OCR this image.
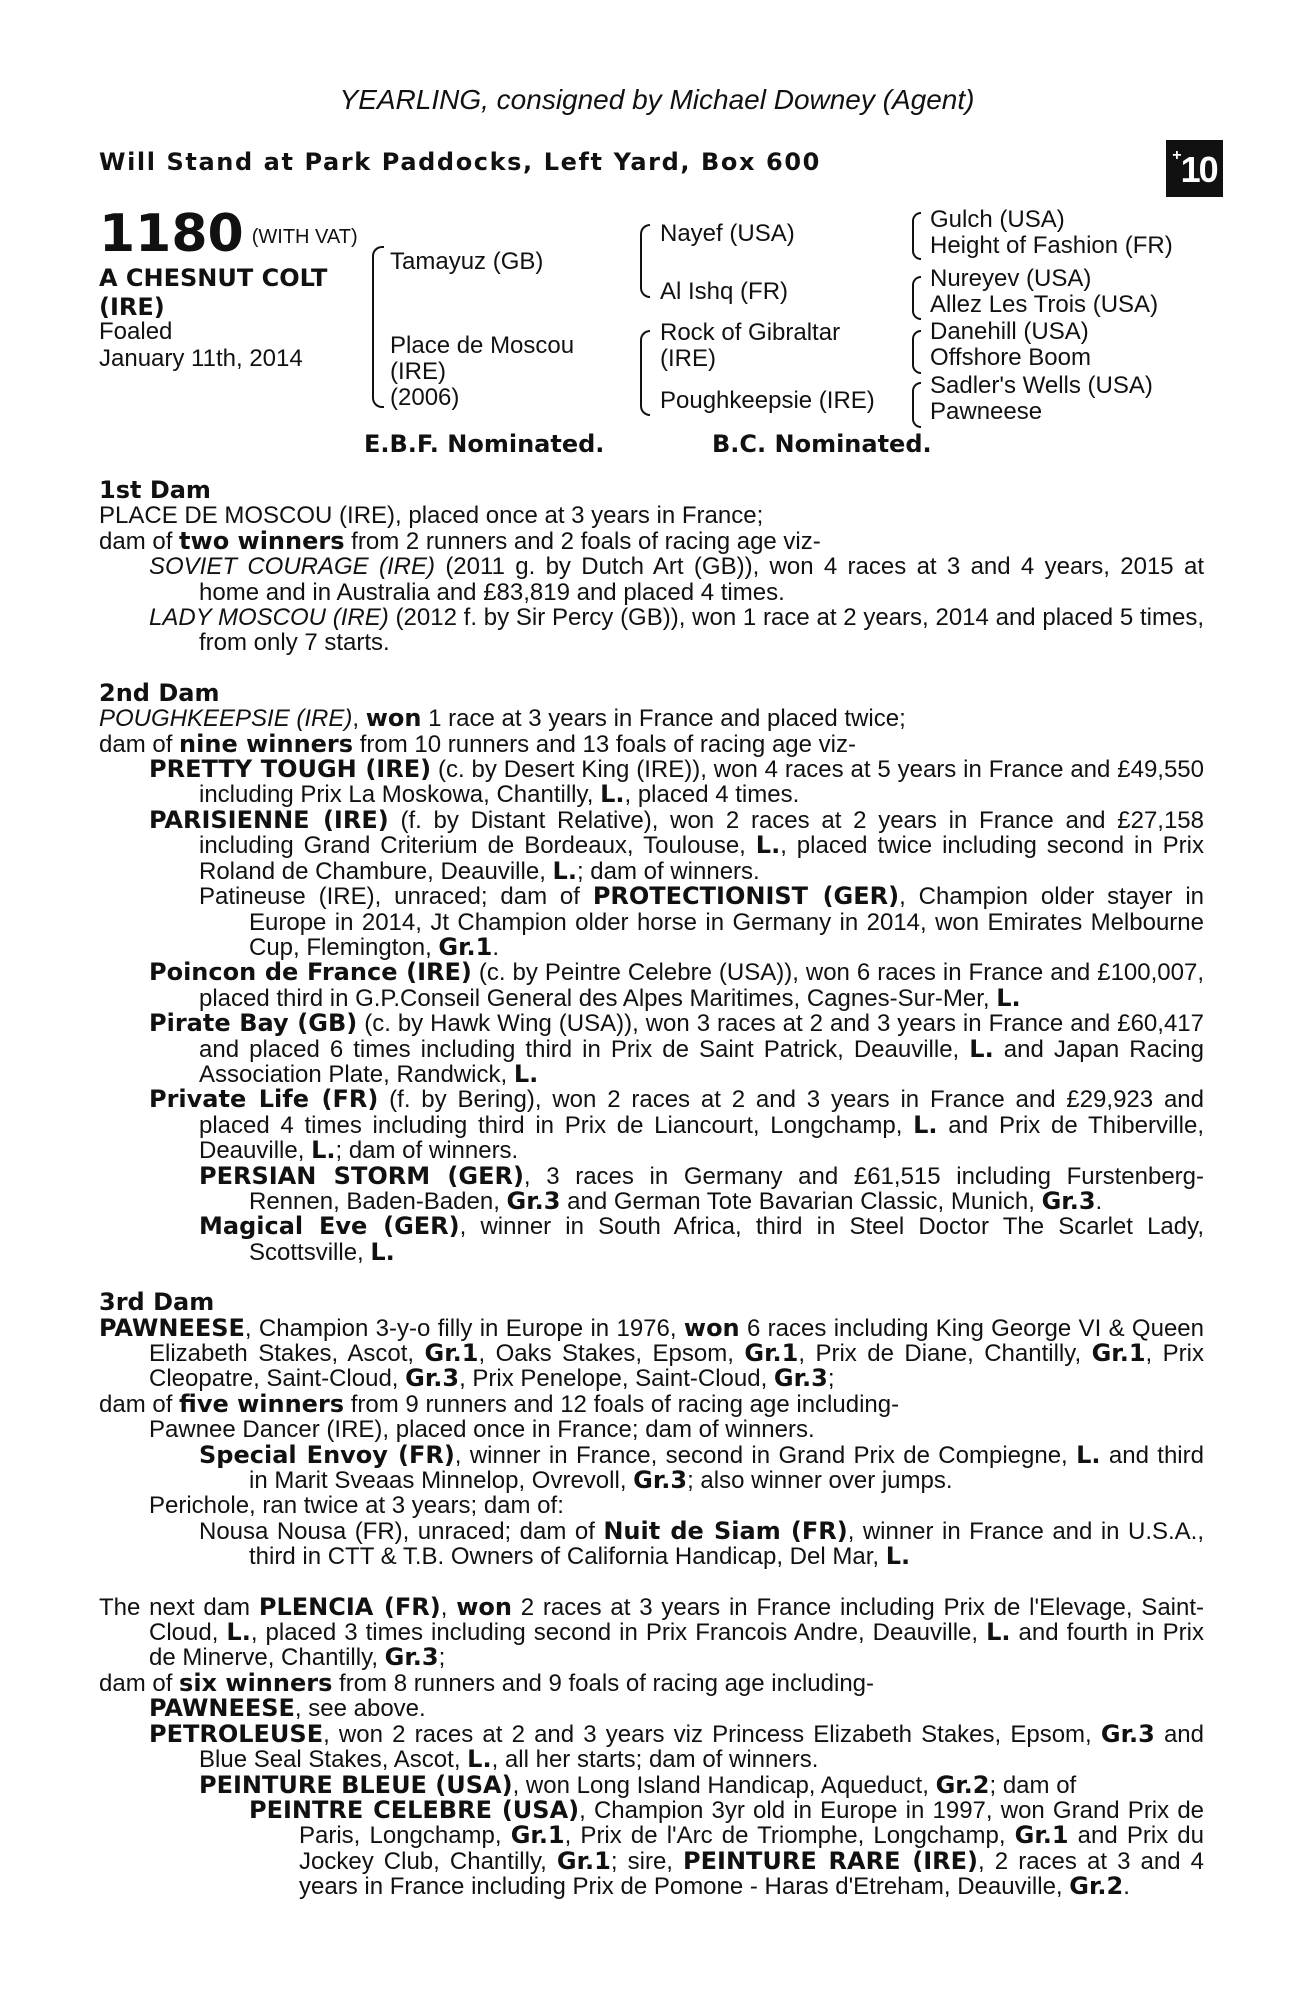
YEARLING, consigned by Michael Downey (Agent)
Will Stand at Park Paddocks, Left Yard, Box 600	+10
1180 (WITH VAT)
A CHESNUT COLT
(IRE)
Foaled
January 11th, 2014
Tamayuz (GB)
Place de Moscou
(IRE)
(2006)
Nayef (USA)
Al Ishq (FR)
Rock of Gibraltar
(IRE)
Poughkeepsie (IRE)
Gulch (USA)
Height of Fashion (FR)
Nureyev (USA)
Allez Les Trois (USA)
Danehill (USA)
Offshore Boom
Sadler's Wells (USA)
Pawneese
E.B.F. Nominated.	B.C. Nominated.

1st Dam

PLACE DE MOSCOU (IRE), placed once at 3 years in France;

dam of two winners from 2 runners and 2 foals of racing age viz-

SOVIET COURAGE (IRE) (2011 g. by Dutch Art (GB)), won 4 races at 3 and 4 years, 2015 at home and in Australia and £83,819 and placed 4 times.

LADY MOSCOU (IRE) (2012 f. by Sir Percy (GB)), won 1 race at 2 years, 2014 and placed 5 times, from only 7 starts.

2nd Dam

POUGHKEEPSIE (IRE), won 1 race at 3 years in France and placed twice;

dam of nine winners from 10 runners and 13 foals of racing age viz-

PRETTY TOUGH (IRE) (c. by Desert King (IRE)), won 4 races at 5 years in France and £49,550 including Prix La Moskowa, Chantilly, L., placed 4 times.

PARISIENNE (IRE) (f. by Distant Relative), won 2 races at 2 years in France and £27,158 including Grand Criterium de Bordeaux, Toulouse, L., placed twice including second in Prix Roland de Chambure, Deauville, L.; dam of winners.

Patineuse (IRE), unraced; dam of PROTECTIONIST (GER), Champion older stayer in Europe in 2014, Jt Champion older horse in Germany in 2014, won Emirates Melbourne Cup, Flemington, Gr.1.

Poincon de France (IRE) (c. by Peintre Celebre (USA)), won 6 races in France and £100,007, placed third in G.P.Conseil General des Alpes Maritimes, Cagnes-Sur-Mer, L.

Pirate Bay (GB) (c. by Hawk Wing (USA)), won 3 races at 2 and 3 years in France and £60,417 and placed 6 times including third in Prix de Saint Patrick, Deauville, L. and Japan Racing Association Plate, Randwick, L.

Private Life (FR) (f. by Bering), won 2 races at 2 and 3 years in France and £29,923 and placed 4 times including third in Prix de Liancourt, Longchamp, L. and Prix de Thiberville, Deauville, L.; dam of winners.

PERSIAN STORM (GER), 3 races in Germany and £61,515 including Furstenberg-Rennen, Baden-Baden, Gr.3 and German Tote Bavarian Classic, Munich, Gr.3.

Magical Eve (GER), winner in South Africa, third in Steel Doctor The Scarlet Lady, Scottsville, L.

3rd Dam

PAWNEESE, Champion 3-y-o filly in Europe in 1976, won 6 races including King George VI & Queen Elizabeth Stakes, Ascot, Gr.1, Oaks Stakes, Epsom, Gr.1, Prix de Diane, Chantilly, Gr.1, Prix Cleopatre, Saint-Cloud, Gr.3, Prix Penelope, Saint-Cloud, Gr.3;

dam of five winners from 9 runners and 12 foals of racing age including-

Pawnee Dancer (IRE), placed once in France; dam of winners.

Special Envoy (FR), winner in France, second in Grand Prix de Compiegne, L. and third in Marit Sveaas Minnelop, Ovrevoll, Gr.3; also winner over jumps.

Perichole, ran twice at 3 years; dam of:

Nousa Nousa (FR), unraced; dam of Nuit de Siam (FR), winner in France and in U.S.A., third in CTT & T.B. Owners of California Handicap, Del Mar, L.

The next dam PLENCIA (FR), won 2 races at 3 years in France including Prix de l'Elevage, Saint-Cloud, L., placed 3 times including second in Prix Francois Andre, Deauville, L. and fourth in Prix de Minerve, Chantilly, Gr.3;

dam of six winners from 8 runners and 9 foals of racing age including-

PAWNEESE, see above.

PETROLEUSE, won 2 races at 2 and 3 years viz Princess Elizabeth Stakes, Epsom, Gr.3 and Blue Seal Stakes, Ascot, L., all her starts; dam of winners.

PEINTURE BLEUE (USA), won Long Island Handicap, Aqueduct, Gr.2; dam of

PEINTRE CELEBRE (USA), Champion 3yr old in Europe in 1997, won Grand Prix de Paris, Longchamp, Gr.1, Prix de l'Arc de Triomphe, Longchamp, Gr.1 and Prix du Jockey Club, Chantilly, Gr.1; sire, PEINTURE RARE (IRE), 2 races at 3 and 4 years in France including Prix de Pomone - Haras d'Etreham, Deauville, Gr.2.
